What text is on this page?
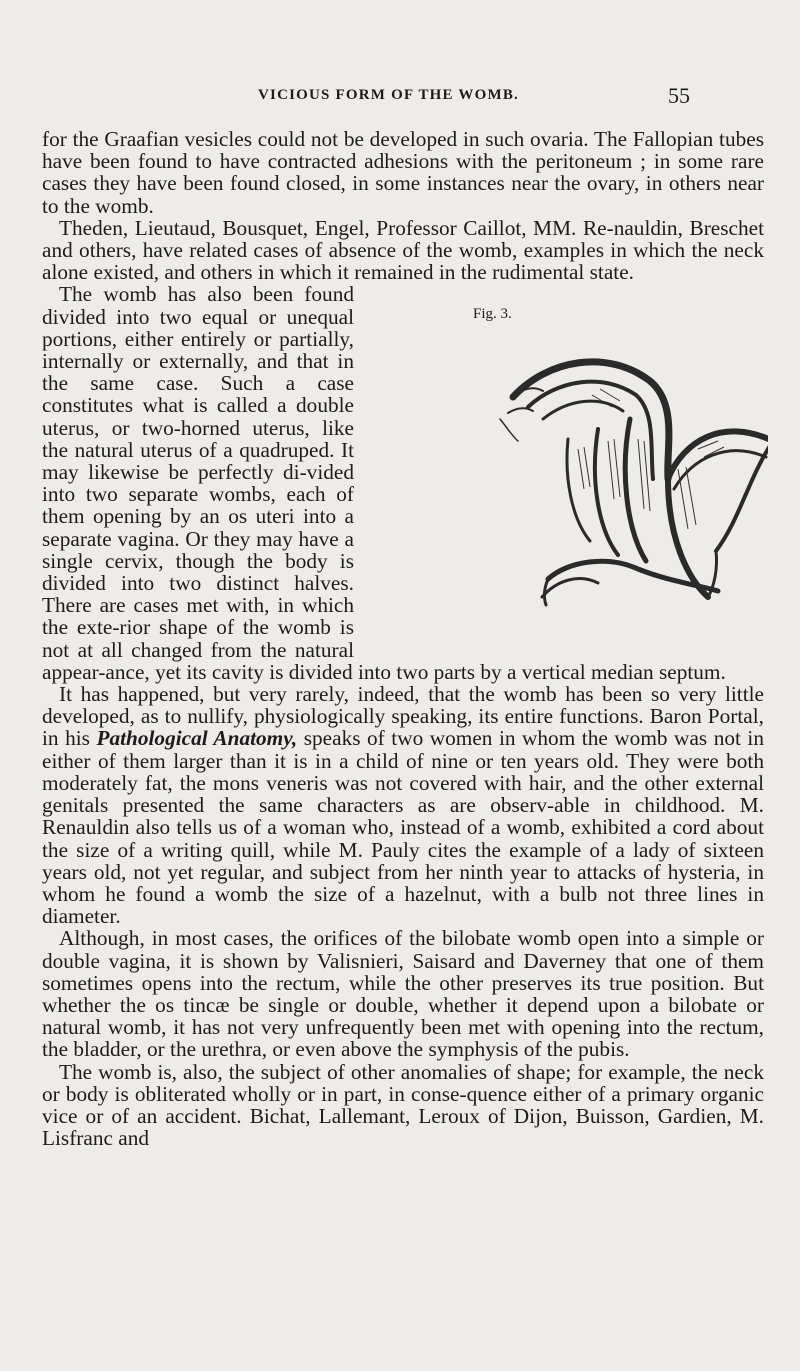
VICIOUS FORM OF THE WOMB.	55

for the Graafian vesicles could not be developed in such ovaria. The Fallopian tubes have been found to have contracted adhesions with the peritoneum ; in some rare cases they have been found closed, in some instances near the ovary, in others near to the womb.

Theden, Lieutaud, Bousquet, Engel, Professor Caillot, MM. Re-nauldin, Breschet and others, have related cases of absence of the womb, examples in which the neck alone existed, and others in which it remained in the rudimental state.

Fig. 3.
The womb has also been found divided into two equal or unequal portions, either entirely or partially, internally or externally, and that in the same case. Such a case constitutes what is called a double uterus, or two-horned uterus, like the natural uterus of a quadruped. It may likewise be perfectly di-vided into two separate wombs, each of them opening by an os uteri into a separate vagina. Or they may have a single cervix, though the body is divided into two distinct halves. There are cases met with, in which the exte-rior shape of the womb is not at all changed from the natural appear-ance, yet its cavity is divided into two parts by a vertical median septum.

It has happened, but very rarely, indeed, that the womb has been so very little developed, as to nullify, physiologically speaking, its entire functions. Baron Portal, in his Pathological Anatomy, speaks of two women in whom the womb was not in either of them larger than it is in a child of nine or ten years old. They were both moderately fat, the mons veneris was not covered with hair, and the other external genitals presented the same characters as are observ-able in childhood. M. Renauldin also tells us of a woman who, instead of a womb, exhibited a cord about the size of a writing quill, while M. Pauly cites the example of a lady of sixteen years old, not yet regular, and subject from her ninth year to attacks of hysteria, in whom he found a womb the size of a hazelnut, with a bulb not three lines in diameter.

Although, in most cases, the orifices of the bilobate womb open into a simple or double vagina, it is shown by Valisnieri, Saisard and Daverney that one of them sometimes opens into the rectum, while the other preserves its true position. But whether the os tincæ be single or double, whether it depend upon a bilobate or natural womb, it has not very unfrequently been met with opening into the rectum, the bladder, or the urethra, or even above the symphysis of the pubis.

The womb is, also, the subject of other anomalies of shape; for example, the neck or body is obliterated wholly or in part, in conse-quence either of a primary organic vice or of an accident. Bichat, Lallemant, Leroux of Dijon, Buisson, Gardien, M. Lisfranc and
